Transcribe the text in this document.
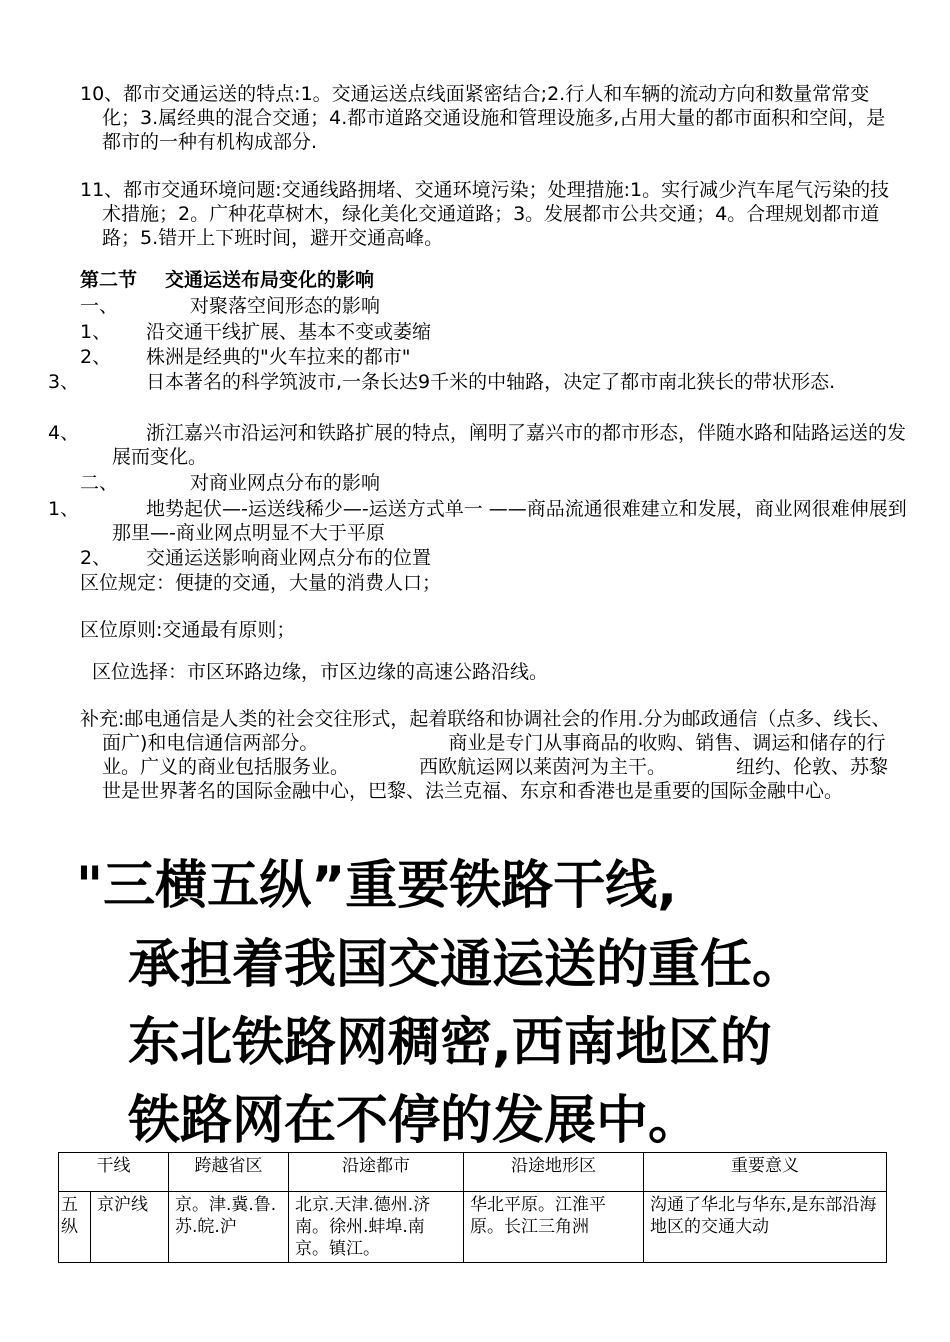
10、都市交通运送的特点:1。交通运送点线面紧密结合;2.行人和车辆的流动方向和数量常常变化；3.属经典的混合交通；4.都市道路交通设施和管理设施多,占用大量的都市面积和空间，是都市的一种有机构成部分.
11、都市交通环境问题:交通线路拥堵、交通环境污染；处理措施:1。实行减少汽车尾气污染的技术措施；2。广种花草树木，绿化美化交通道路；3。发展都市公共交通；4。合理规划都市道路；5.错开上下班时间，避开交通高峰。
第二节 交通运送布局变化的影响
一、	对聚落空间形态的影响
1、 沿交通干线扩展、基本不变或萎缩
2、 株洲是经典的"火车拉来的都市"
3、	日本著名的科学筑波市,一条长达9千米的中轴路，决定了都市南北狭长的带状形态.
4、	浙江嘉兴市沿运河和铁路扩展的特点，阐明了嘉兴市的都市形态，伴随水路和陆路运送的发展而变化。
二、	对商业网点分布的影响
1、	地势起伏—-运送线稀少—-运送方式单一 ——商品流通很难建立和发展，商业网很难伸展到那里—-商业网点明显不大于平原
2、 交通运送影响商业网点分布的位置
区位规定：便捷的交通，大量的消费人口；
区位原则:交通最有原则；
区位选择：市区环路边缘，市区边缘的高速公路沿线。
补充:邮电通信是人类的社会交往形式，起着联络和协调社会的作用.分为邮政通信（点多、线长、面广)和电信通信两部分。	商业是专门从事商品的收购、销售、调运和储存的行业。广义的商业包括服务业。	西欧航运网以莱茵河为主干。	纽约、伦敦、苏黎世是世界著名的国际金融中心，巴黎、法兰克福、东京和香港也是重要的国际金融中心。
"三横五纵”重要铁路干线,
承担着我国交通运送的重任。
东北铁路网稠密,西南地区的
铁路网在不停的发展中。
干线		跨越省区	沿途都市	沿途地形区	重要意义
五纵	京沪线	京。津.冀.鲁.苏.皖.沪	北京.天津.德州.济南。徐州.蚌埠.南京。镇江。	华北平原。江淮平原。长江三角洲	沟通了华北与华东,是东部沿海地区的交通大动
